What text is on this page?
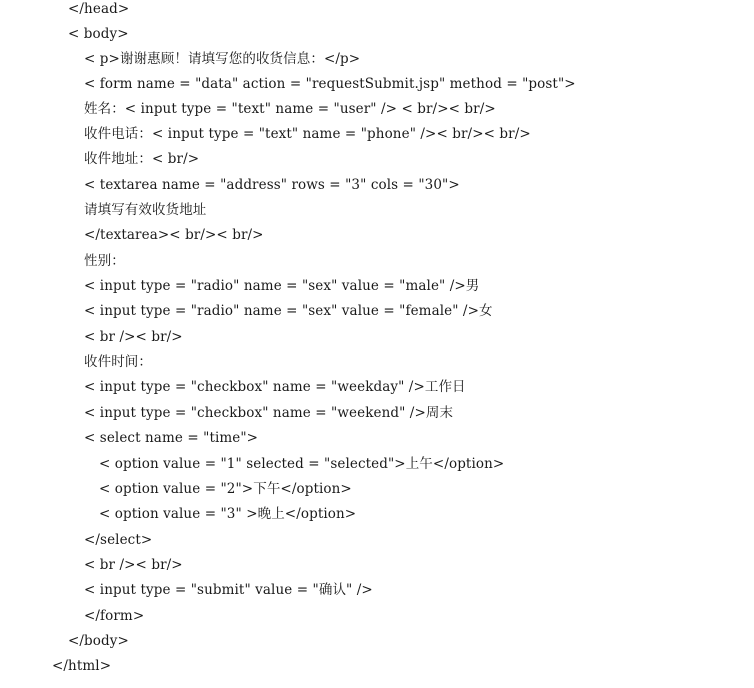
</head>
< body>
< p>谢谢惠顾！请填写您的收货信息：</p>
< form name = "data" action = "requestSubmit.jsp" method = "post">
姓名：< input type = "text" name = "user" /> < br/>< br/>
收件电话：< input type = "text" name = "phone" />< br/>< br/>
收件地址：< br/>
< textarea name = "address" rows = "3" cols = "30">
请填写有效收货地址
</textarea>< br/>< br/>
性别：
< input type = "radio" name = "sex" value = "male" />男
< input type = "radio" name = "sex" value = "female" />女
< br />< br/>
收件时间：
< input type = "checkbox" name = "weekday" />工作日
< input type = "checkbox" name = "weekend" />周末
< select name = "time">
< option value = "1" selected = "selected">上午</option>
< option value = "2">下午</option>
< option value = "3" >晚上</option>
</select>
< br />< br/>
< input type = "submit" value = "确认" />
</form>
</body>
</html>
